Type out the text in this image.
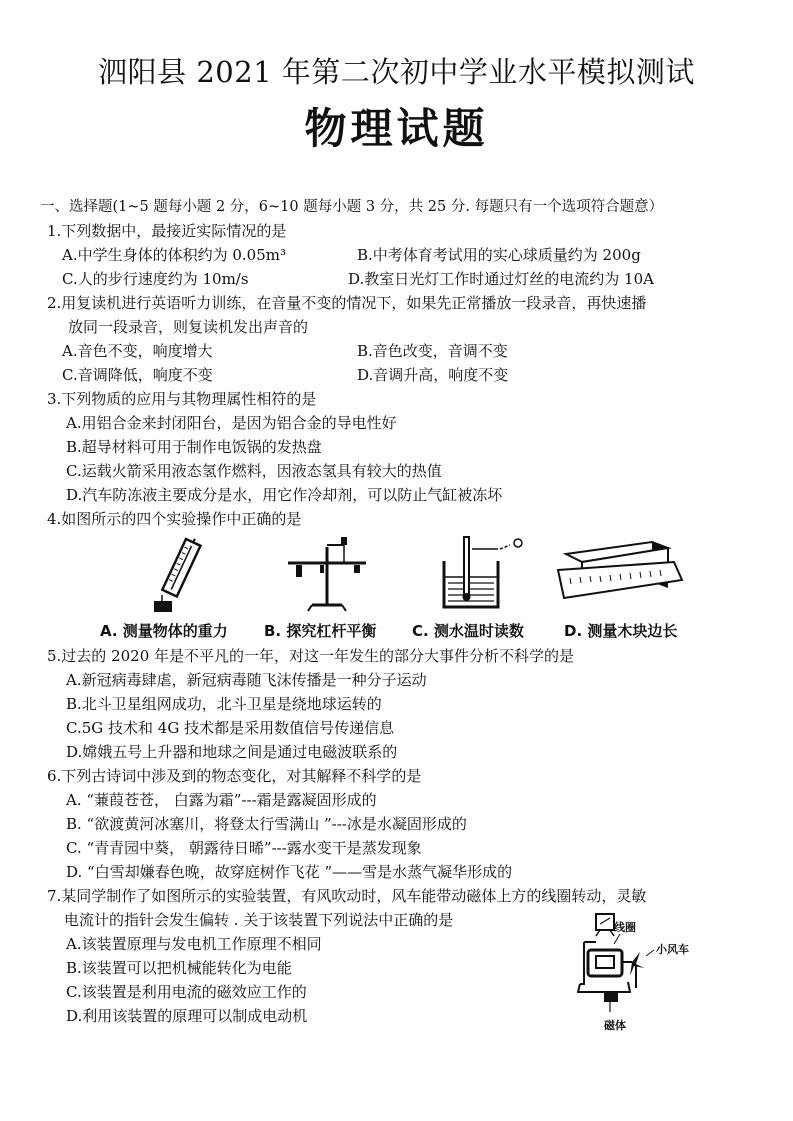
泗阳县 2021 年第二次初中学业水平模拟测试
物理试题
一、选择题(1~5 题每小题 2 分，6~10 题每小题 3 分，共 25 分. 每题只有一个选项符合题意）
1.下列数据中，最接近实际情况的是
A.中学生身体的体积约为 0.05m³	B.中考体育考试用的实心球质量约为 200g
C.人的步行速度约为 10m/s	D.教室日光灯工作时通过灯丝的电流约为 10A
2.用复读机进行英语听力训练，在音量不变的情况下，如果先正常播放一段录音，再快速播
放同一段录音，则复读机发出声音的
A.音色不变，响度增大	B.音色改变，音调不变
C.音调降低，响度不变	D.音调升高，响度不变
3.下列物质的应用与其物理属性相符的是
A.用铝合金来封闭阳台，是因为铝合金的导电性好
B.超导材料可用于制作电饭锅的发热盘
C.运载火箭采用液态氢作燃料，因液态氢具有较大的热值
D.汽车防冻液主要成分是水，用它作冷却剂，可以防止气缸被冻坏
4.如图所示的四个实验操作中正确的是
A. 测量物体的重力 B. 探究杠杆平衡 C. 测水温时读数	D. 测量木块边长
5.过去的 2020 年是不平凡的一年，对这一年发生的部分大事件分析不科学的是
A.新冠病毒肆虐，新冠病毒随飞沫传播是一种分子运动
B.北斗卫星组网成功，北斗卫星是绕地球运转的
C.5G 技术和 4G 技术都是采用数值信号传递信息
D.嫦娥五号上升器和地球之间是通过电磁波联系的
6.下列古诗词中涉及到的物态变化，对其解释不科学的是
A. “蒹葭苍苍， 白露为霜”---霜是露凝固形成的
B. “欲渡黄河冰塞川，将登太行雪满山 ”---冰是水凝固形成的
C. “青青园中葵， 朝露待日晞”---露水变干是蒸发现象
D. “白雪却嫌春色晚，故穿庭树作飞花 ”——雪是水蒸气凝华形成的
7.某同学制作了如图所示的实验装置，有风吹动时，风车能带动磁体上方的线圈转动，灵敏
电流计的指针会发生偏转 . 关于该装置下列说法中正确的是
A.该装置原理与发电机工作原理不相同
B.该装置可以把机械能转化为电能
C.该装置是利用电流的磁效应工作的
D.利用该装置的原理可以制成电动机
线圈
小风车
磁体
